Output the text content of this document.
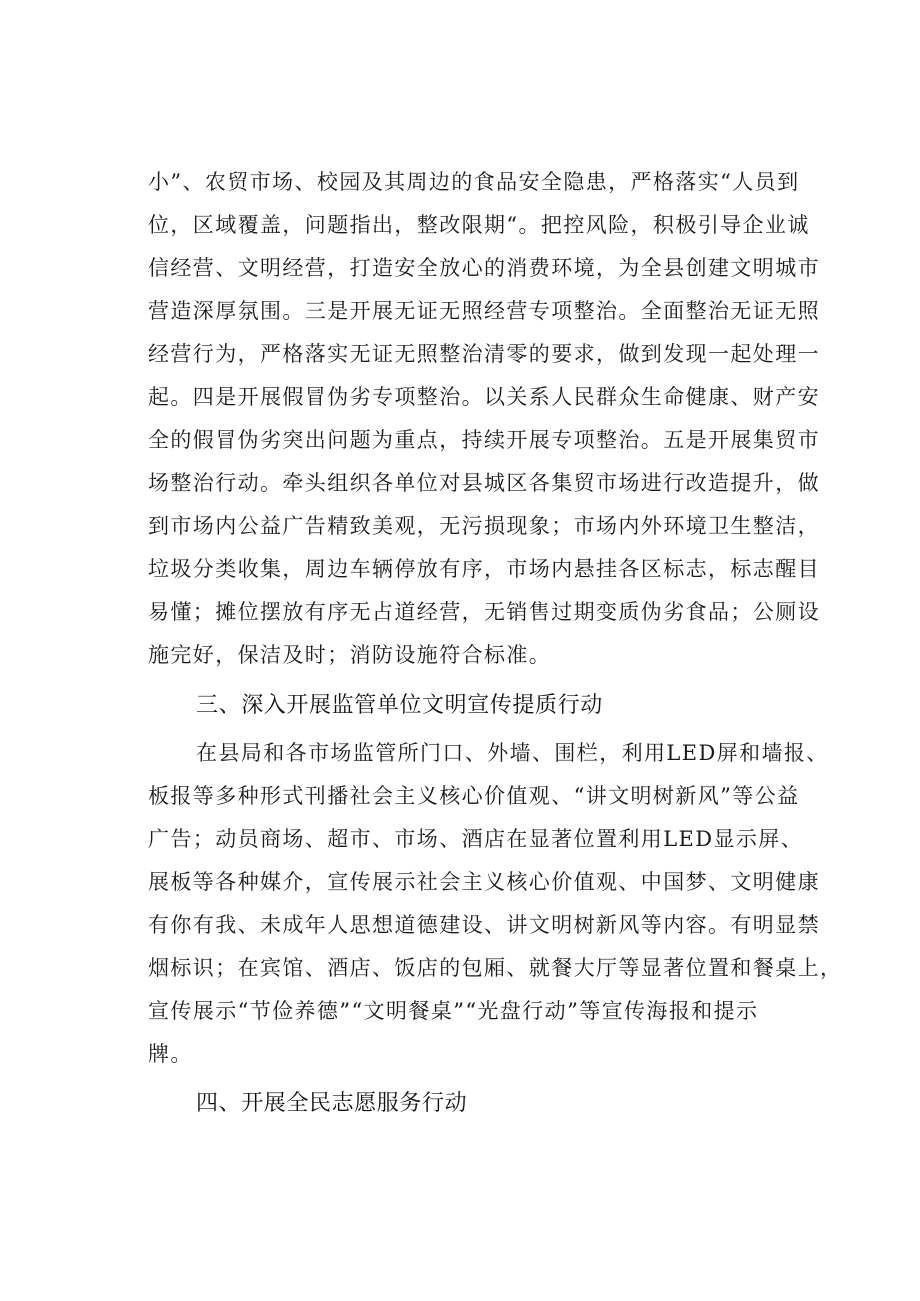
小”、农贸市场、校园及其周边的食品安全隐患，严格落实“人员到
位，区域覆盖，问题指出，整改限期“。把控风险，积极引导企业诚
信经营、文明经营，打造安全放心的消费环境，为全县创建文明城市
营造深厚氛围。三是开展无证无照经营专项整治。全面整治无证无照
经营行为，严格落实无证无照整治清零的要求，做到发现一起处理一
起。四是开展假冒伪劣专项整治。以关系人民群众生命健康、财产安
全的假冒伪劣突出问题为重点，持续开展专项整治。五是开展集贸市
场整治行动。牵头组织各单位对县城区各集贸市场进行改造提升，做
到市场内公益广告精致美观，无污损现象；市场内外环境卫生整洁，
垃圾分类收集，周边车辆停放有序，市场内悬挂各区标志，标志醒目
易懂；摊位摆放有序无占道经营，无销售过期变质伪劣食品；公厕设
施完好，保洁及时；消防设施符合标准。
三、深入开展监管单位文明宣传提质行动
在县局和各市场监管所门口、外墙、围栏，利用LED屏和墙报、
板报等多种形式刊播社会主义核心价值观、“讲文明树新风”等公益
广告；动员商场、超市、市场、酒店在显著位置利用LED显示屏、
展板等各种媒介，宣传展示社会主义核心价值观、中国梦、文明健康
有你有我、未成年人思想道德建设、讲文明树新风等内容。有明显禁
烟标识；在宾馆、酒店、饭店的包厢、就餐大厅等显著位置和餐桌上，
宣传展示“节俭养德”“文明餐桌”“光盘行动”等宣传海报和提示
牌。
四、开展全民志愿服务行动
